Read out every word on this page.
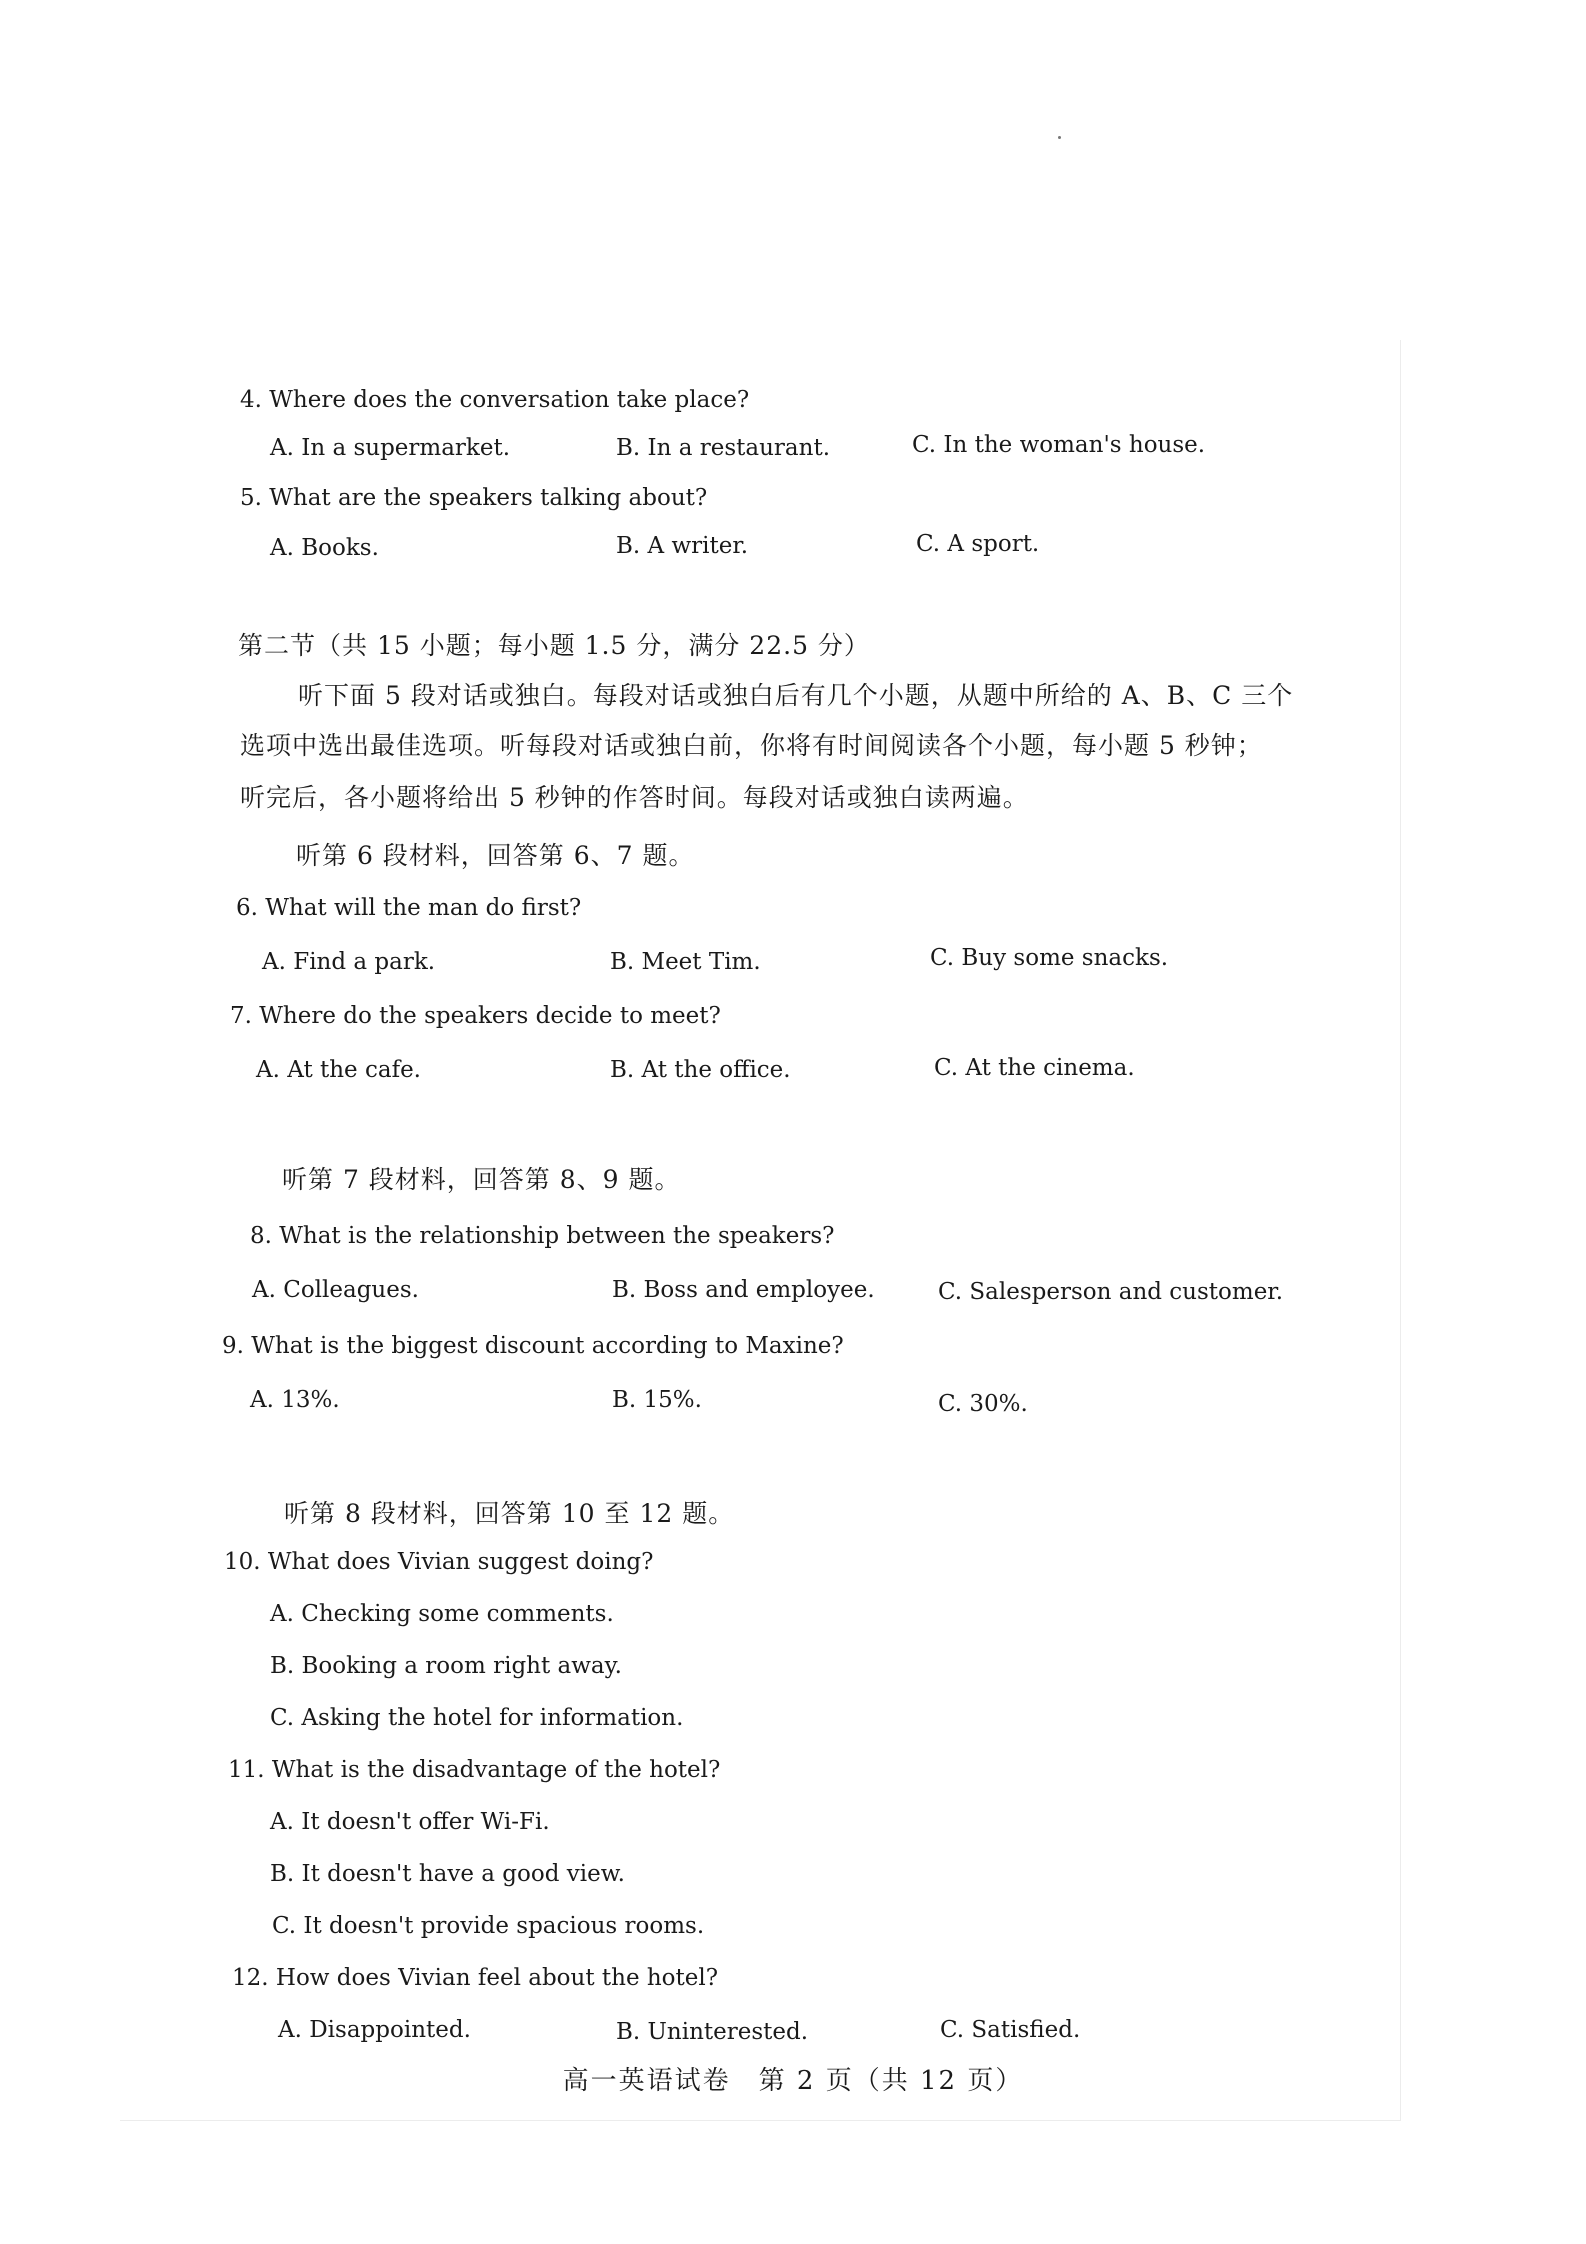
4. Where does the conversation take place?
A. In a supermarket.	B. In a restaurant.	C. In the woman's house.
5. What are the speakers talking about?
A. Books.	B. A writer.	C. A sport.
第二节（共 15 小题；每小题 1.5 分，满分 22.5 分）
听下面 5 段对话或独白。每段对话或独白后有几个小题，从题中所给的 A、B、C 三个
选项中选出最佳选项。听每段对话或独白前，你将有时间阅读各个小题，每小题 5 秒钟；
听完后，各小题将给出 5 秒钟的作答时间。每段对话或独白读两遍。
听第 6 段材料，回答第 6、7 题。
6. What will the man do first?
A. Find a park.	B. Meet Tim.	C. Buy some snacks.
7. Where do the speakers decide to meet?
A. At the cafe.	B. At the office.	C. At the cinema.
听第 7 段材料，回答第 8、9 题。
8. What is the relationship between the speakers?
A. Colleagues.	B. Boss and employee.	C. Salesperson and customer.
9. What is the biggest discount according to Maxine?
A. 13%.	B. 15%.	C. 30%.
听第 8 段材料，回答第 10 至 12 题。
10. What does Vivian suggest doing?
A. Checking some comments.
B. Booking a room right away.
C. Asking the hotel for information.
11. What is the disadvantage of the hotel?
A. It doesn't offer Wi-Fi.
B. It doesn't have a good view.
C. It doesn't provide spacious rooms.
12. How does Vivian feel about the hotel?
A. Disappointed.	B. Uninterested.	C. Satisfied.
高一英语试卷　第 2 页（共 12 页）
